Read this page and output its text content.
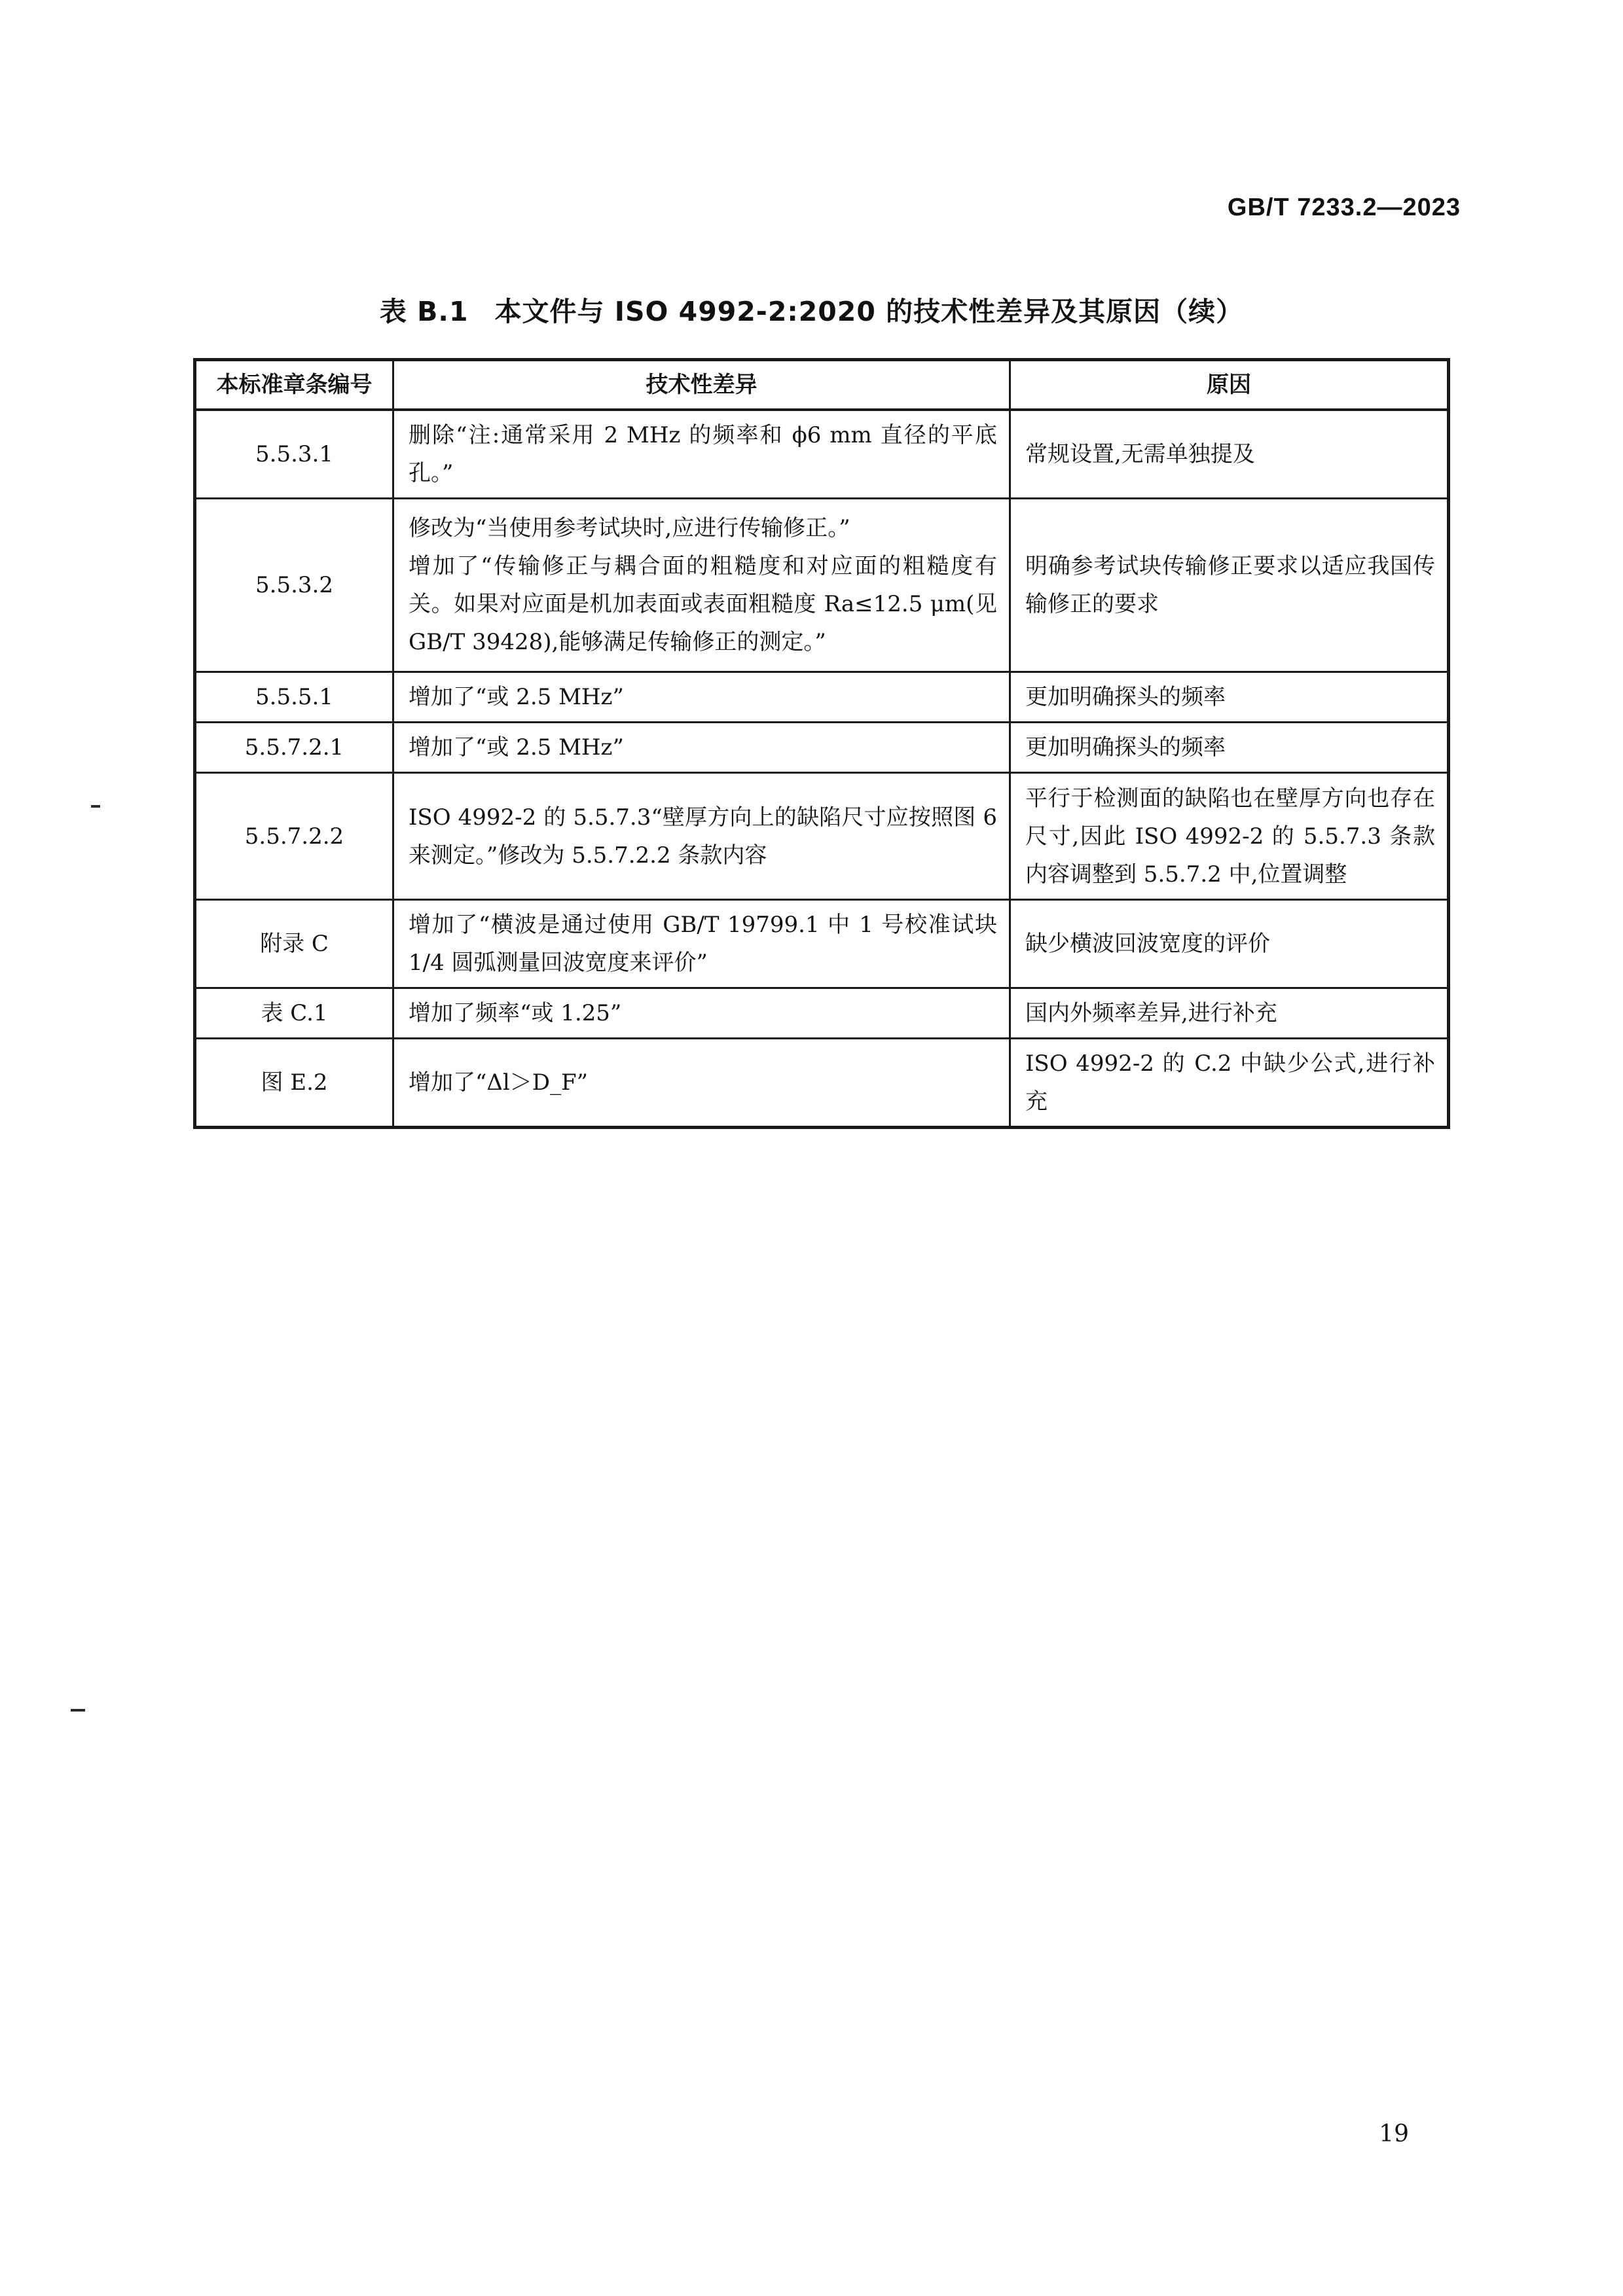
GB/T 7233.2—2023
表 B.1 本文件与 ISO 4992-2:2020 的技术性差异及其原因（续）
本标准章条编号	技术性差异	原因
5.5.3.1	删除“注:通常采用 2 MHz 的频率和 ϕ6 mm 直径的平底孔。”	常规设置,无需单独提及
5.5.3.2	修改为“当使用参考试块时,应进行传输修正。”
增加了“传输修正与耦合面的粗糙度和对应面的粗糙度有关。如果对应面是机加表面或表面粗糙度 Ra≤12.5 μm(见 GB/T 39428),能够满足传输修正的测定。”	明确参考试块传输修正要求以适应我国传输修正的要求
5.5.5.1	增加了“或 2.5 MHz”	更加明确探头的频率
5.5.7.2.1	增加了“或 2.5 MHz”	更加明确探头的频率
5.5.7.2.2	ISO 4992-2 的 5.5.7.3“壁厚方向上的缺陷尺寸应按照图 6 来测定。”修改为 5.5.7.2.2 条款内容	平行于检测面的缺陷也在壁厚方向也存在尺寸,因此 ISO 4992-2 的 5.5.7.3 条款内容调整到 5.5.7.2 中,位置调整
附录 C	增加了“横波是通过使用 GB/T 19799.1 中 1 号校准试块 1/4 圆弧测量回波宽度来评价”	缺少横波回波宽度的评价
表 C.1	增加了频率“或 1.25”	国内外频率差异,进行补充
图 E.2	增加了“Δl＞D_F”	ISO 4992-2 的 C.2 中缺少公式,进行补充
19
